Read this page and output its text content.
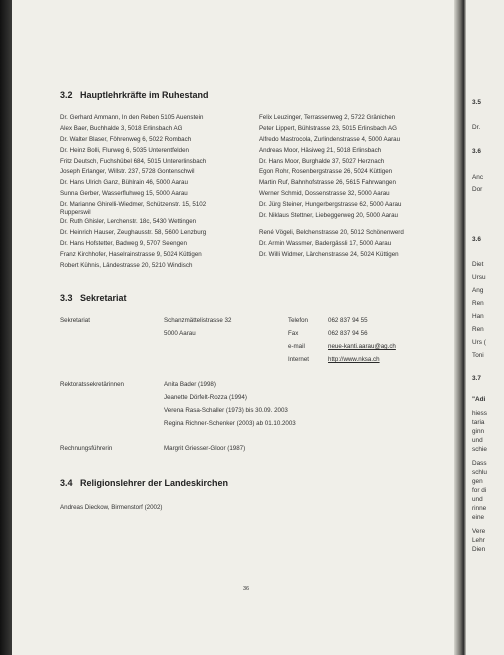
3.2 Hauptlehrkräfte im Ruhestand
Dr. Gerhard Ammann, In den Reben 5105 Auenstein
Alex Baer, Buchhalde 3, 5018 Erlinsbach AG
Dr. Walter Blaser, Föhrenweg 6, 5022 Rombach
Dr. Heinz Bolli, Flurweg 6, 5035 Unterentfelden
Fritz Deutsch, Fuchshübel 684, 5015 Untererlinsbach
Joseph Erlanger, Willstr. 237, 5728 Gontenschwil
Dr. Hans Ulrich Ganz, Bühlrain 46, 5000 Aarau
Sunna Gerber, Wasserfluhweg 15, 5000 Aarau
Dr. Marianne Ghirelli-Wiedmer, Schützenstr. 15, 5102 Rupperswil
Dr. Ruth Ghisler, Lerchenstr. 18c, 5430 Wettingen
Dr. Heinrich Hauser, Zeughausstr. 58, 5600 Lenzburg
Dr. Hans Hofstetter, Badweg 9, 5707 Seengen
Franz Kirchhofer, Haselrainstrasse 9, 5024 Küttigen
Robert Kühnis, Ländestrasse 20, 5210 Windisch
Felix Leuzinger, Terrassenweg 2, 5722 Gränichen
Peter Lippert, Bühlstrasse 23, 5015 Erlinsbach AG
Alfredo Mastrocola, Zurlindenstrasse 4, 5000 Aarau
Andreas Moor, Häsiweg 21, 5018 Erlinsbach
Dr. Hans Moor, Burghalde 37, 5027 Herznach
Egon Rohr, Rosenbergstrasse 26, 5024 Küttigen
Martin Ruf, Bahnhofstrasse 26, 5615 Fahrwangen
Werner Schmid, Dossenstrasse 32, 5000 Aarau
Dr. Jürg Steiner, Hungerbergstrasse 62, 5000 Aarau
Dr. Niklaus Stettner, Liebeggerweg 20, 5000 Aarau
René Vögeli, Belchenstrasse 20, 5012 Schönenwerd
Dr. Armin Wassmer, Badergässli 17, 5000 Aarau
Dr. Willi Widmer, Lärchenstrasse 24, 5024 Küttigen
3.3 Sekretariat
Sekretariat	Schanzmättelistrasse 32
5000 Aarau
Telefon	062 837 94 55
Fax	062 837 94 56
e-mail	neue-kanti.aarau@ag.ch
Internet	http://www.nksa.ch
Rektoratssekretärinnen	Anita Bader (1998)
Jeanette Dörfelt-Rozza (1994)
Verena Rasa-Schaller (1973) bis 30.09. 2003
Regina Richner-Schenker (2003) ab 01.10.2003
Rechnungsführerin	Margrit Griesser-Gloor (1987)
3.4 Religionslehrer der Landeskirchen
Andreas Dieckow, Birmenstorf (2002)
36
3.5
Dr.
3.6
Anc
Dor
3.6
Diet
Ursu
Ang
Ren
Han
Ren
Urs (
Toni
3.7
"Adi
hiess
taria
ginn
und
schie
Dass
schlu
gen
for di
und
rinne
eine
Vere
Lehr
Dien
